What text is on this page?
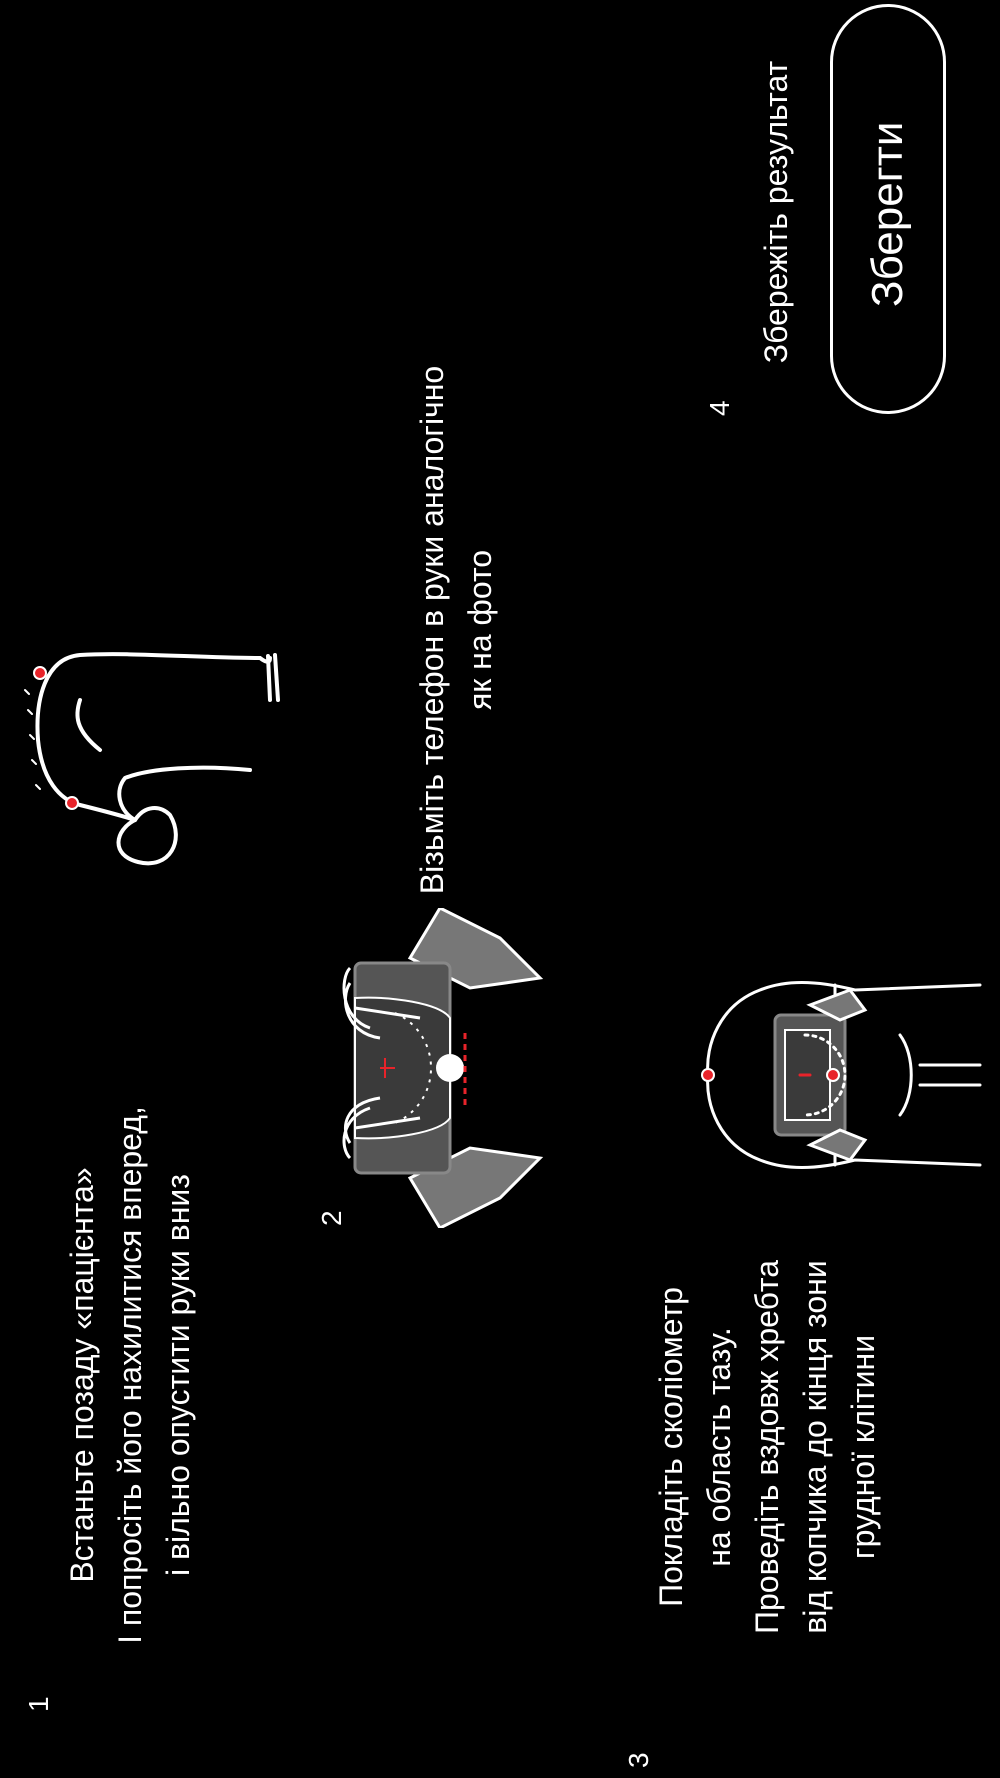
1
Встаньте позаду «пацієнта» І попросіть його нахилитися вперед, і вільно опустити руки вниз	2
Візьміть телефон в руки аналогічно як на фото
3
Покладіть сколіометр на область тазу. Проведіть вздовж хребта від копчика до кінця зони грудної клітини
4
Збережіть результат Зберегти
